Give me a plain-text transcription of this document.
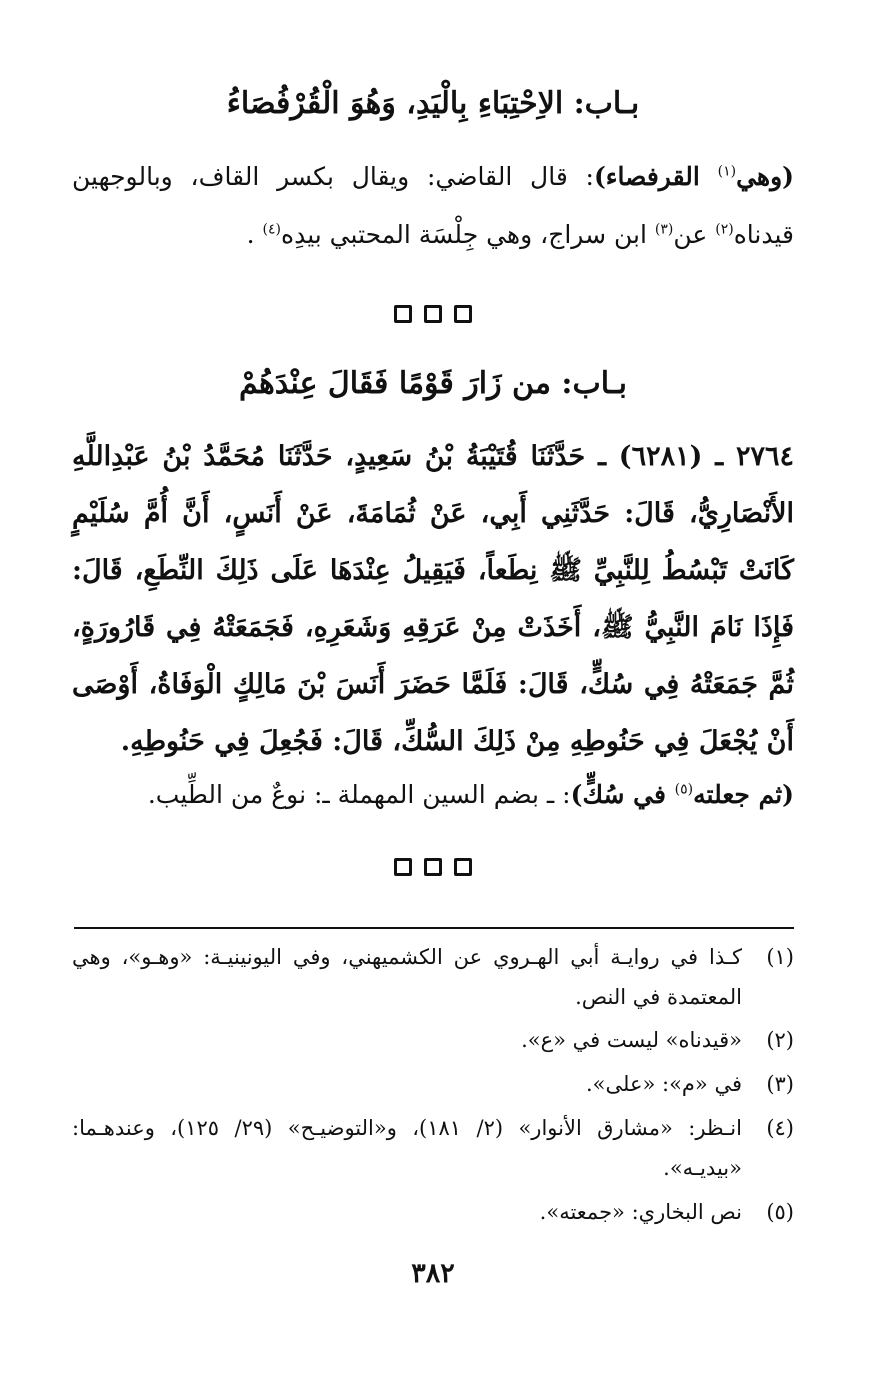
بـاب: الاِحْتِبَاءِ بِالْيَدِ، وَهُوَ الْقُرْفُصَاءُ
(وهي$^{(١)}$ القرفصاء): قال القاضي: ويقال بكسر القاف، وبالوجهين قيدناه$^{(٢)}$ عن$^{(٣)}$ ابن سراج، وهي جِلْسَة المحتبي بيدِه$^{(٤)}$ .
بـاب: من زَارَ قَوْمًا فَقَالَ عِنْدَهُمْ
٢٧٦٤ ـ (٦٢٨١) ـ حَدَّثَنَا قُتَيْبَةُ بْنُ سَعِيدٍ، حَدَّثَنَا مُحَمَّدُ بْنُ عَبْدِاللَّهِ الأَنْصَارِيُّ، قَالَ: حَدَّثَنِي أَبِي، عَنْ ثُمَامَةَ، عَنْ أَنَسٍ، أَنَّ أُمَّ سُلَيْمٍ كَانَتْ تَبْسُطُ لِلنَّبِيِّ ﷺ نِطَعاً، فَيَقِيلُ عِنْدَهَا عَلَى ذَلِكَ النِّطَعِ، قَالَ: فَإِذَا نَامَ النَّبِيُّ ﷺ، أَخَذَتْ مِنْ عَرَقِهِ وَشَعَرِهِ، فَجَمَعَتْهُ فِي قَارُورَةٍ، ثُمَّ جَمَعَتْهُ فِي سُكٍّ، قَالَ: فَلَمَّا حَضَرَ أَنَسَ بْنَ مَالِكٍ الْوَفَاةُ، أَوْصَى أَنْ يُجْعَلَ فِي حَنُوطِهِ مِنْ ذَلِكَ السُّكِّ، قَالَ: فَجُعِلَ فِي حَنُوطِهِ.
(ثم جعلته$^{(٥)}$ في سُكٍّ): ـ بضم السين المهملة ـ: نوعٌ من الطِّيب.
(١)
كـذا في روايـة أبي الهـروي عن الكشميهني، وفي اليونينيـة: «وهـو»، وهي المعتمدة في النص.
(٢)
«قيدناه» ليست في «ع».
(٣)
في «م»: «على».
(٤)
انـظر: «مشارق الأنوار» (٢/ ١٨١)، و«التوضيـح» (٢٩/ ١٢٥)، وعندهـما: «بيديـه».
(٥)
نص البخاري: «جمعته».
٣٨٢
